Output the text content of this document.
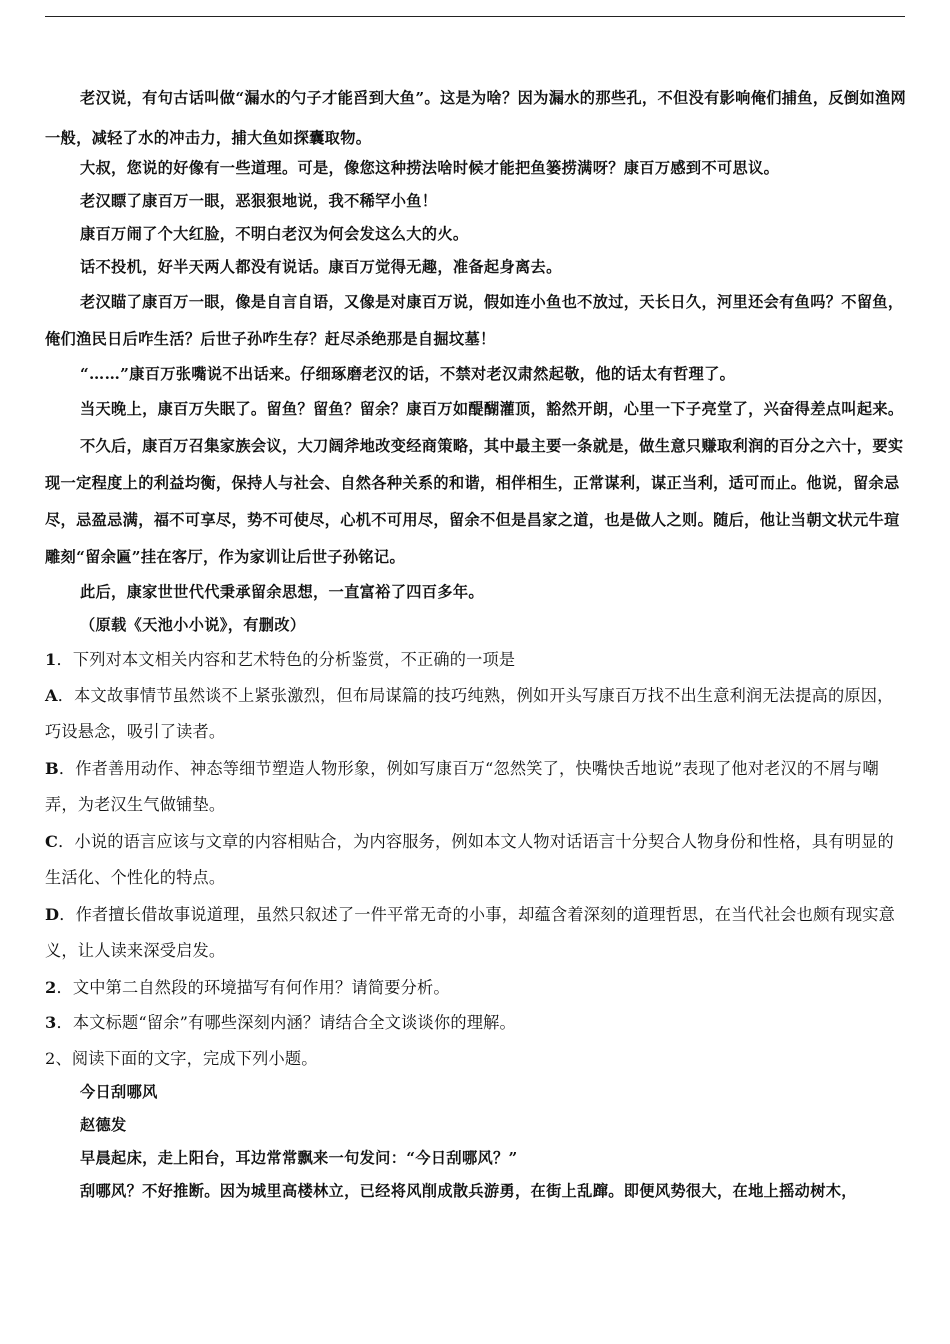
老汉说，有句古话叫做“漏水的勺子才能舀到大鱼”。这是为啥？因为漏水的那些孔，不但没有影响俺们捕鱼，反倒如渔网一般，减轻了水的冲击力，捕大鱼如探囊取物。

大叔，您说的好像有一些道理。可是，像您这种捞法啥时候才能把鱼篓捞满呀？康百万感到不可思议。

老汉瞟了康百万一眼，恶狠狠地说，我不稀罕小鱼！

康百万闹了个大红脸，不明白老汉为何会发这么大的火。

话不投机，好半天两人都没有说话。康百万觉得无趣，准备起身离去。

老汉瞄了康百万一眼，像是自言自语，又像是对康百万说，假如连小鱼也不放过，天长日久，河里还会有鱼吗？不留鱼，俺们渔民日后咋生活？后世子孙咋生存？赶尽杀绝那是自掘坟墓！

“……”康百万张嘴说不出话来。仔细琢磨老汉的话，不禁对老汉肃然起敬，他的话太有哲理了。

当天晚上，康百万失眠了。留鱼？留鱼？留余？康百万如醍醐灌顶，豁然开朗，心里一下子亮堂了，兴奋得差点叫起来。

不久后，康百万召集家族会议，大刀阔斧地改变经商策略，其中最主要一条就是，做生意只赚取利润的百分之六十，要实现一定程度上的利益均衡，保持人与社会、自然各种关系的和谐，相伴相生，正常谋利，谋正当利，适可而止。他说，留余忌尽，忌盈忌满，福不可享尽，势不可使尽，心机不可用尽，留余不但是昌家之道，也是做人之则。随后，他让当朝文状元牛瑄雕刻“留余匾”挂在客厅，作为家训让后世子孙铭记。

此后，康家世世代代秉承留余思想，一直富裕了四百多年。

（原载《天池小小说》，有删改）

1．下列对本文相关内容和艺术特色的分析鉴赏，不正确的一项是

A．本文故事情节虽然谈不上紧张激烈，但布局谋篇的技巧纯熟，例如开头写康百万找不出生意利润无法提高的原因，巧设悬念，吸引了读者。

B．作者善用动作、神态等细节塑造人物形象，例如写康百万“忽然笑了，快嘴快舌地说”表现了他对老汉的不屑与嘲弄，为老汉生气做铺垫。

C．小说的语言应该与文章的内容相贴合，为内容服务，例如本文人物对话语言十分契合人物身份和性格，具有明显的生活化、个性化的特点。

D．作者擅长借故事说道理，虽然只叙述了一件平常无奇的小事，却蕴含着深刻的道理哲思，在当代社会也颇有现实意义，让人读来深受启发。

2．文中第二自然段的环境描写有何作用？请简要分析。

3．本文标题“留余”有哪些深刻内涵？请结合全文谈谈你的理解。

2、阅读下面的文字，完成下列小题。

今日刮哪风

赵德发

早晨起床，走上阳台，耳边常常飘来一句发问：“今日刮哪风？”

刮哪风？不好推断。因为城里高楼林立，已经将风削成散兵游勇，在街上乱蹿。即便风势很大，在地上摇动树木，
